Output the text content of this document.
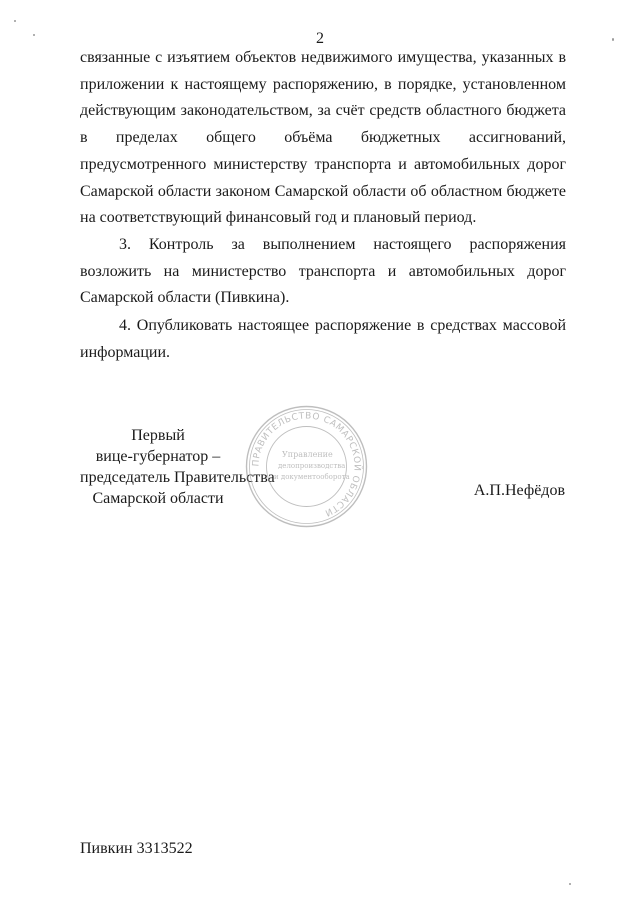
2

связанные с изъятием объектов недвижимого имущества, указанных в приложении к настоящему распоряжению, в порядке, установленном действующим законодательством, за счёт средств областного бюджета в пределах общего объёма бюджетных ассигнований, предусмотренного министерству транспорта и автомобильных дорог Самарской области законом Самарской области об областном бюджете на соответствующий финансовый год и плановый период.

3. Контроль за выполнением настоящего распоряжения возложить на министерство транспорта и автомобильных дорог Самарской области (Пивкина).

4. Опубликовать настоящее распоряжение в средствах массовой информации.

Первый
вице-губернатор –
председатель Правительства
Самарской области
ПРАВИТЕЛЬСТВО САМАРСКОЙ ОБЛАСТИ
Управление
делопроизводства
и документооборота
А.П.Нефёдов
Пивкин 3313522
